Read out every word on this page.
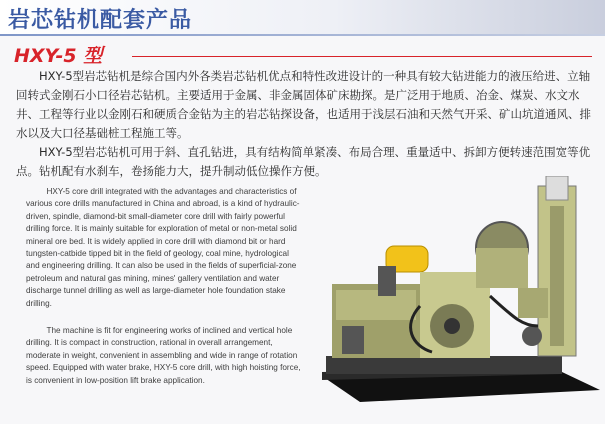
岩芯钻机配套产品
HXY-5 型

HXY-5型岩芯钻机是综合国内外各类岩芯钻机优点和特性改进设计的一种具有较大钻进能力的液压给进、立轴回转式金刚石小口径岩芯钻机。主要适用于金属、非金属固体矿床勘探。是广泛用于地质、冶金、煤炭、水文水井、工程等行业以金刚石和硬质合金钻为主的岩芯钻探设备，也适用于浅层石油和天然气开采、矿山坑道通风、排水以及大口径基础桩工程施工等。

HXY-5型岩芯钻机可用于斜、直孔钻进，具有结构简单紧凑、布局合理、重量适中、拆卸方便转速范围宽等优点。钻机配有水刹车，卷扬能力大，提升制动低位操作方便。

HXY-5 core drill integrated with the advantages and characteristics of various core drills manufactured in China and abroad, is a kind of hydraulic-driven, spindle, diamond-bit small-diameter core drill with fairly powerful drilling force. It is mainly suitable for exploration of metal or non-metal solid mineral ore bed. It is widely applied in core drill with diamond bit or hard tungsten-catbide tipped bit in the field of geology, coal mine, hydrological and engineering drilling. It can also be used in the fields of superficial-zone petroleum and natural gas mining, mines' gallery ventilation and water discharge tunnel drilling as well as large-diameter hole foundation stake drilling.

The machine is fit for engineering works of inclined and vertical hole drilling. It is compact in construction, rational in overall arrangement, moderate in weight, convenient in assembling and wide in range of rotation speed. Equipped with water brake, HXY-5 core drill, with high hoisting force, is convenient in low-position lift brake application.
